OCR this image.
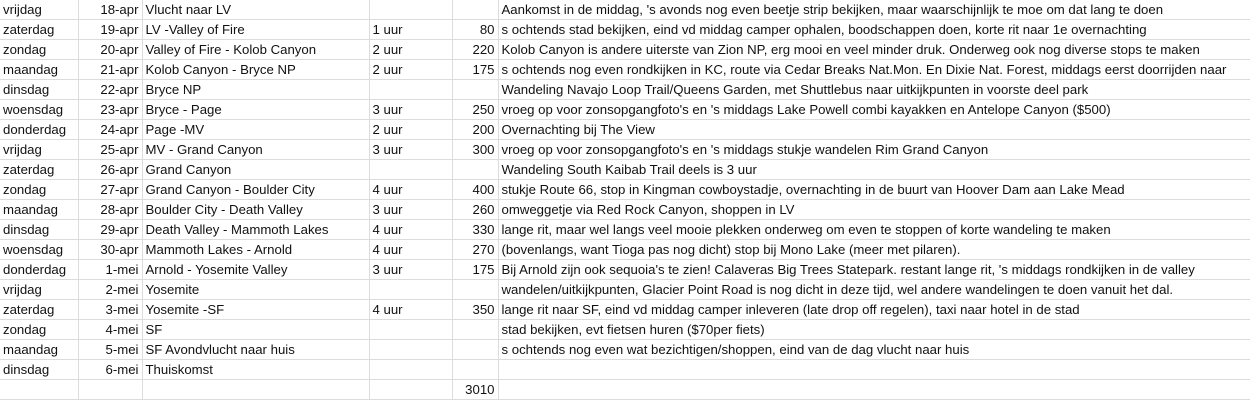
vrijdag	18-apr	Vlucht naar LV			Aankomst in de middag, 's avonds nog even beetje strip bekijken, maar waarschijnlijk te moe om dat lang te doen
zaterdag	19-apr	LV -Valley of Fire	1 uur	80	s ochtends stad bekijken, eind vd middag camper ophalen, boodschappen doen, korte rit naar 1e overnachting
zondag	20-apr	Valley of Fire - Kolob Canyon	2 uur	220	Kolob Canyon is andere uiterste van Zion NP, erg mooi en veel minder druk. Onderweg ook nog diverse stops te maken
maandag	21-apr	Kolob Canyon - Bryce NP	2 uur	175	s ochtends nog even rondkijken in KC, route via Cedar Breaks Nat.Mon. En Dixie Nat. Forest, middags eerst doorrijden naar
dinsdag	22-apr	Bryce NP			Wandeling Navajo Loop Trail/Queens Garden, met Shuttlebus naar uitkijkpunten in voorste deel park
woensdag	23-apr	Bryce - Page	3 uur	250	vroeg op voor zonsopgangfoto's en 's middags Lake Powell combi kayakken en Antelope Canyon ($500)
donderdag	24-apr	Page -MV	2 uur	200	Overnachting bij The View
vrijdag	25-apr	MV - Grand Canyon	3 uur	300	vroeg op voor zonsopgangfoto's en 's middags stukje wandelen Rim Grand Canyon
zaterdag	26-apr	Grand Canyon			Wandeling South Kaibab Trail deels is 3 uur
zondag	27-apr	Grand Canyon - Boulder City	4 uur	400	stukje Route 66, stop in Kingman cowboystadje, overnachting in de buurt van Hoover Dam aan Lake Mead
maandag	28-apr	Boulder City - Death Valley	3 uur	260	omweggetje via Red Rock Canyon, shoppen in LV
dinsdag	29-apr	Death Valley - Mammoth Lakes	4 uur	330	lange rit, maar wel langs veel mooie plekken onderweg om even te stoppen of korte wandeling te maken
woensdag	30-apr	Mammoth Lakes - Arnold	4 uur	270	(bovenlangs, want Tioga pas nog dicht) stop bij Mono Lake (meer met pilaren).
donderdag	1-mei	Arnold - Yosemite Valley	3 uur	175	Bij Arnold zijn ook sequoia's te zien! Calaveras Big Trees Statepark. restant lange rit, 's middags rondkijken in de valley
vrijdag	2-mei	Yosemite			wandelen/uitkijkpunten, Glacier Point Road is nog dicht in deze tijd, wel andere wandelingen te doen vanuit het dal.
zaterdag	3-mei	Yosemite -SF	4 uur	350	lange rit naar SF, eind vd middag camper inleveren (late drop off regelen), taxi naar hotel in de stad
zondag	4-mei	SF			stad bekijken, evt fietsen huren ($70per fiets)
maandag	5-mei	SF Avondvlucht naar huis			s ochtends nog even wat bezichtigen/shoppen, eind van de dag vlucht naar huis
dinsdag	6-mei	Thuiskomst			
				3010	
